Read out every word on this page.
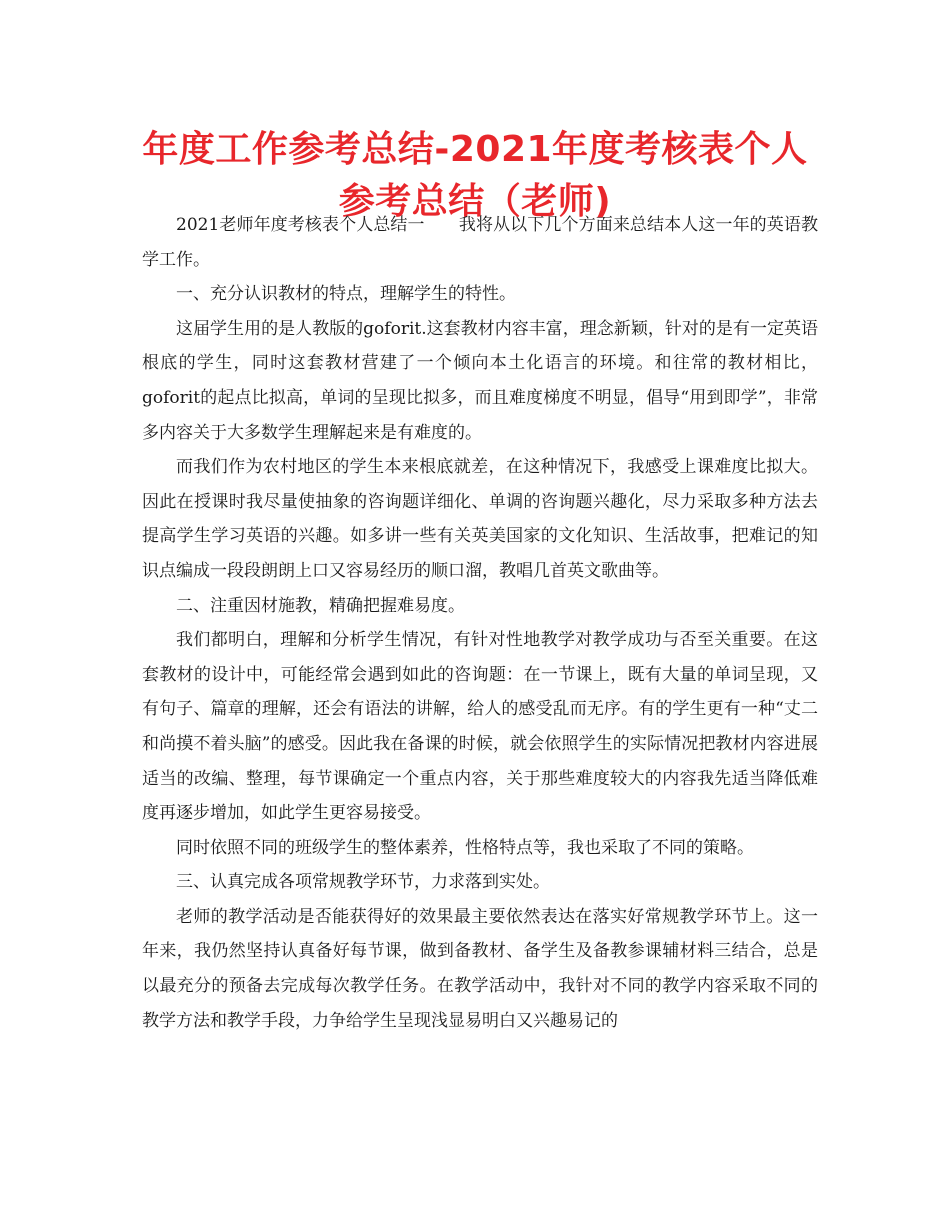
年度工作参考总结-2021年度考核表个人参考总结（老师)

2021老师年度考核表个人总结一　　我将从以下几个方面来总结本人这一年的英语教学工作。

一、充分认识教材的特点，理解学生的特性。

这届学生用的是人教版的goforit.这套教材内容丰富，理念新颖，针对的是有一定英语根底的学生，同时这套教材营建了一个倾向本土化语言的环境。和往常的教材相比，goforit的起点比拟高，单词的呈现比拟多，而且难度梯度不明显，倡导“用到即学”，非常多内容关于大多数学生理解起来是有难度的。

而我们作为农村地区的学生本来根底就差，在这种情况下，我感受上课难度比拟大。因此在授课时我尽量使抽象的咨询题详细化、单调的咨询题兴趣化，尽力采取多种方法去提高学生学习英语的兴趣。如多讲一些有关英美国家的文化知识、生活故事，把难记的知识点编成一段段朗朗上口又容易经历的顺口溜，教唱几首英文歌曲等。

二、注重因材施教，精确把握难易度。

我们都明白，理解和分析学生情况，有针对性地教学对教学成功与否至关重要。在这套教材的设计中，可能经常会遇到如此的咨询题：在一节课上，既有大量的单词呈现，又有句子、篇章的理解，还会有语法的讲解，给人的感受乱而无序。有的学生更有一种“丈二和尚摸不着头脑”的感受。因此我在备课的时候，就会依照学生的实际情况把教材内容进展适当的改编、整理，每节课确定一个重点内容，关于那些难度较大的内容我先适当降低难度再逐步增加，如此学生更容易接受。

同时依照不同的班级学生的整体素养，性格特点等，我也采取了不同的策略。

三、认真完成各项常规教学环节，力求落到实处。

老师的教学活动是否能获得好的效果最主要依然表达在落实好常规教学环节上。这一年来，我仍然坚持认真备好每节课，做到备教材、备学生及备教参课辅材料三结合，总是以最充分的预备去完成每次教学任务。在教学活动中，我针对不同的教学内容采取不同的教学方法和教学手段，力争给学生呈现浅显易明白又兴趣易记的
